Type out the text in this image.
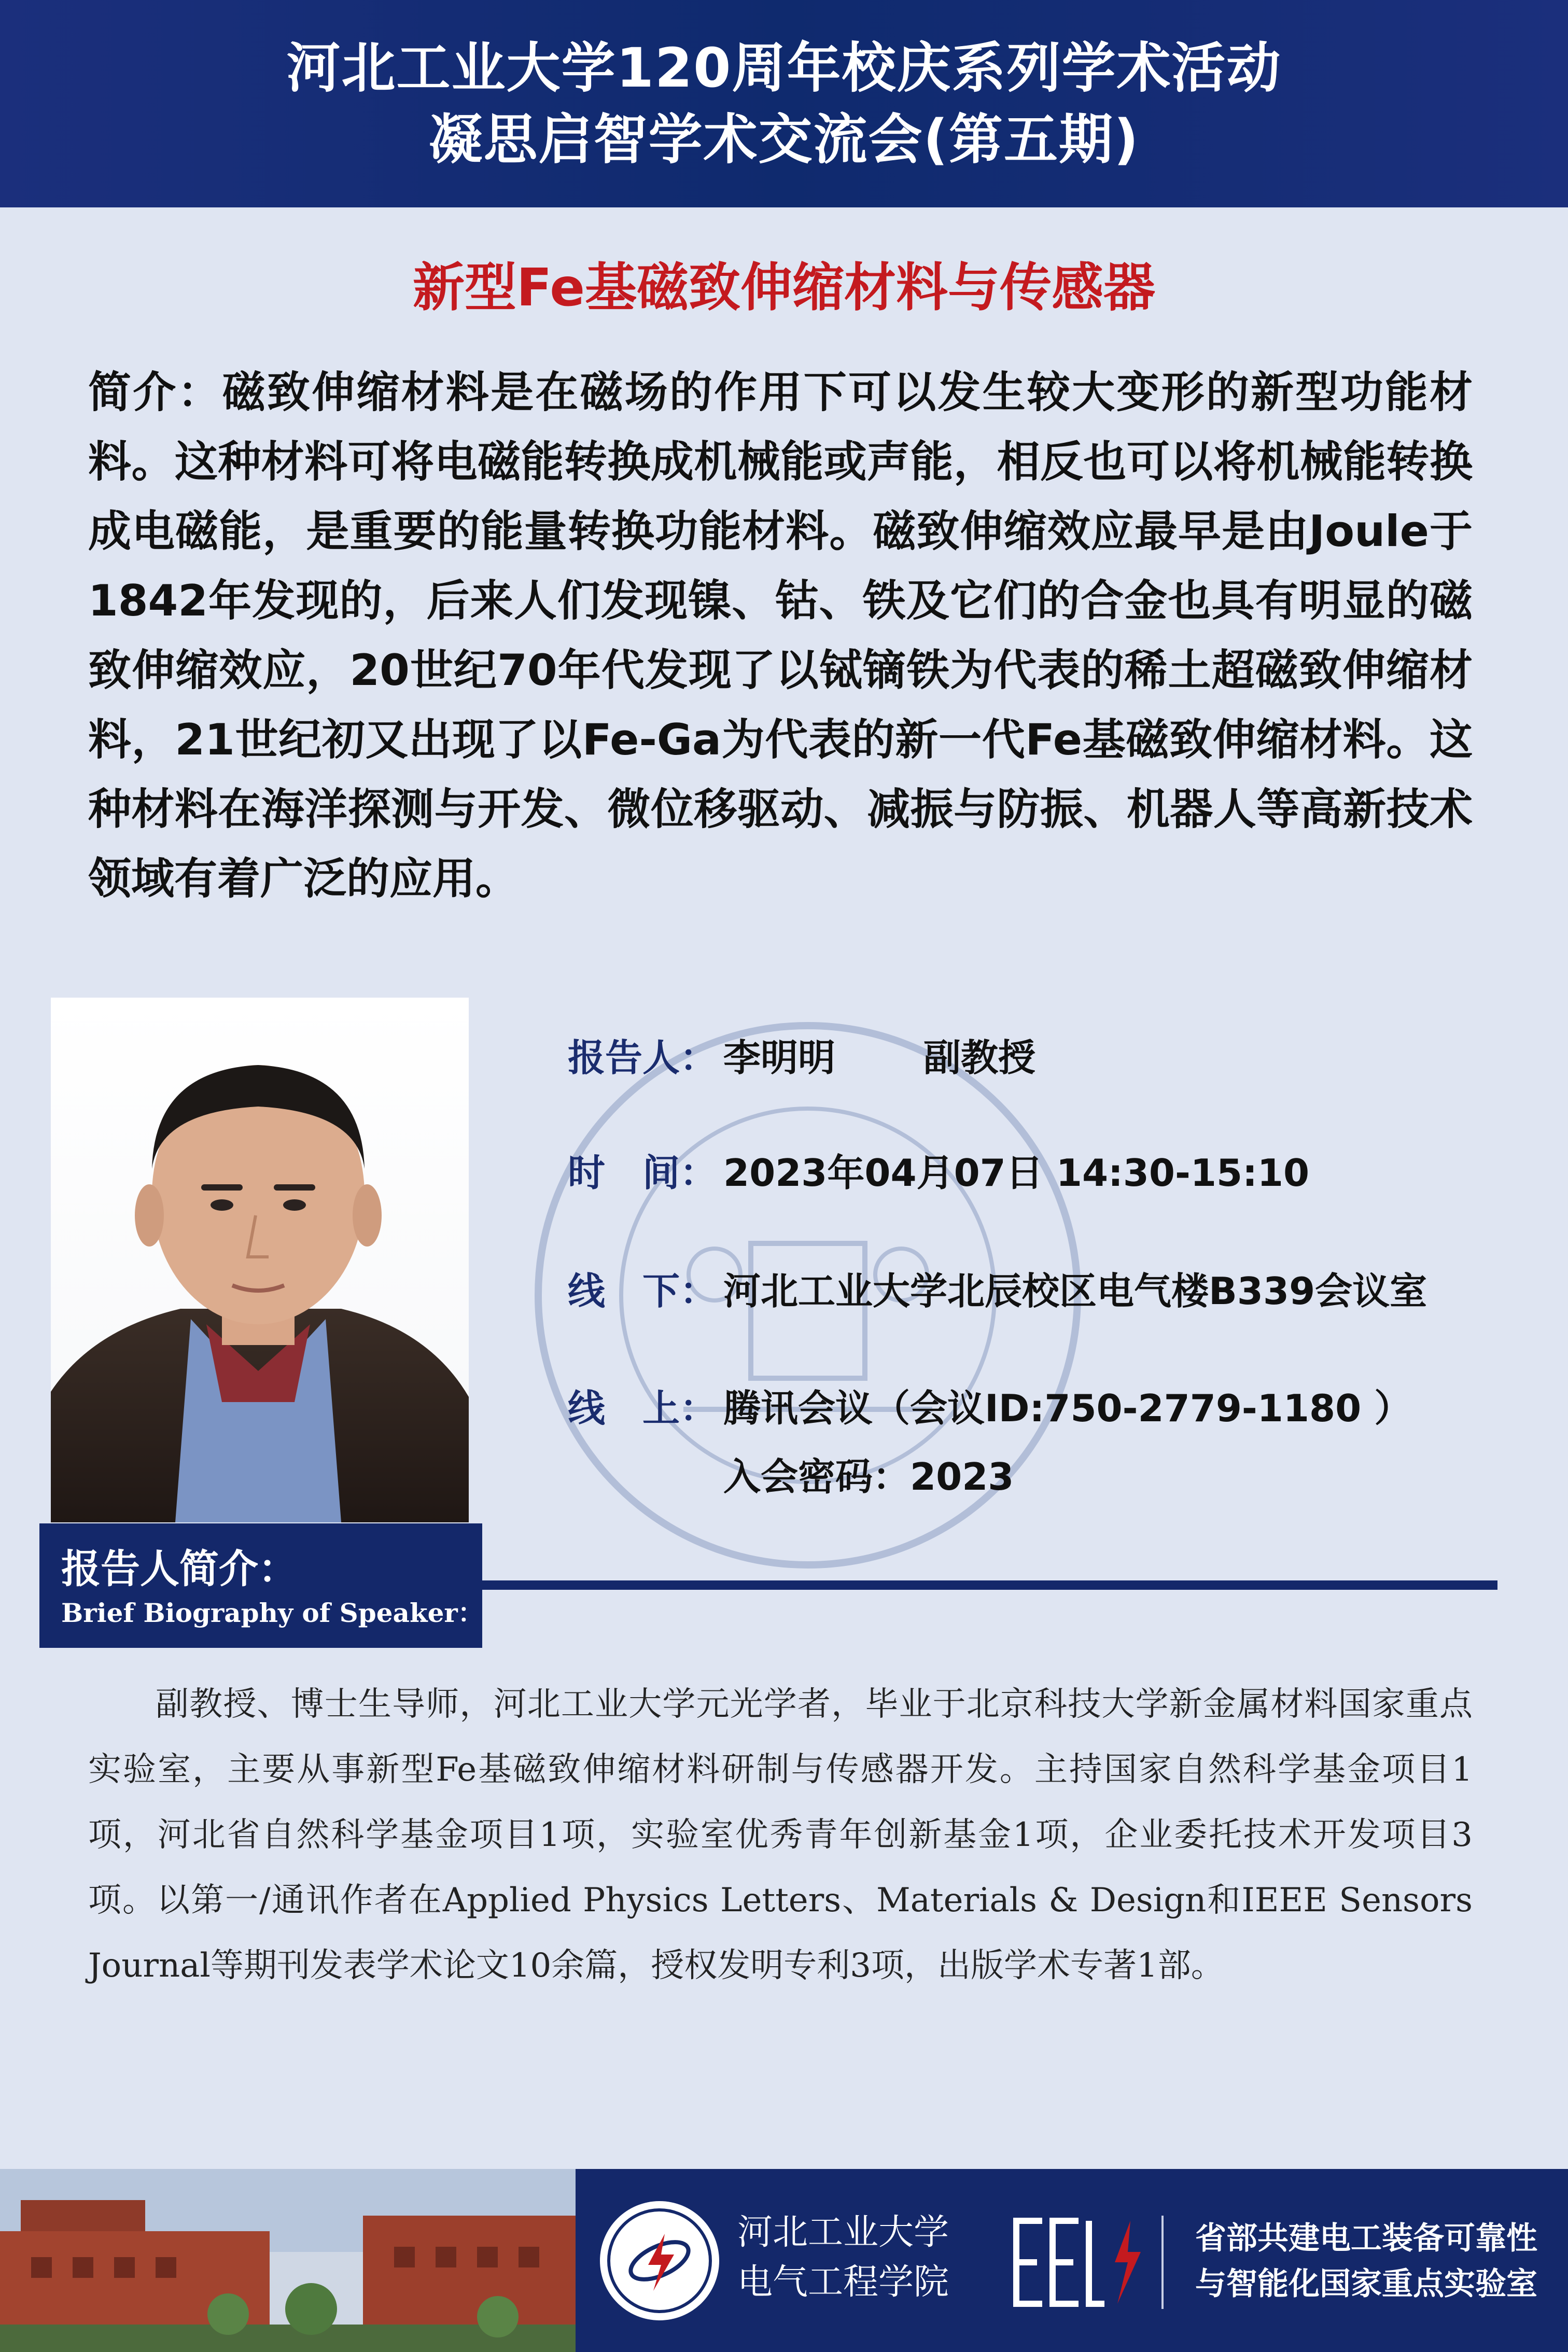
河北工业大学120周年校庆系列学术活动
凝思启智学术交流会(第五期)
新型Fe基磁致伸缩材料与传感器
简介：磁致伸缩材料是在磁场的作用下可以发生较大变形的新型功能材料。这种材料可将电磁能转换成机械能或声能，相反也可以将机械能转换成电磁能，是重要的能量转换功能材料。磁致伸缩效应最早是由Joule于1842年发现的，后来人们发现镍、钴、铁及它们的合金也具有明显的磁致伸缩效应，20世纪70年代发现了以铽镝铁为代表的稀土超磁致伸缩材料，21世纪初又出现了以Fe-Ga为代表的新一代Fe基磁致伸缩材料。这种材料在海洋探测与开发、微位移驱动、减振与防振、机器人等高新技术领域有着广泛的应用。
报告人： 李明明 副教授
时　间： 2023年04月07日 14:30-15:10
线　下： 河北工业大学北辰校区电气楼B339会议室
线　上： 腾讯会议（会议ID:750-2779-1180 ）
入会密码：2023
报告人简介：
Brief Biography of Speaker：
副教授、博士生导师，河北工业大学元光学者，毕业于北京科技大学新金属材料国家重点实验室，主要从事新型Fe基磁致伸缩材料研制与传感器开发。主持国家自然科学基金项目1项，河北省自然科学基金项目1项，实验室优秀青年创新基金1项，企业委托技术开发项目3项。以第一/通讯作者在Applied Physics Letters、Materials & Design和IEEE Sensors Journal等期刊发表学术论文10余篇，授权发明专利3项，出版学术专著1部。
河北工业大学
电气工程学院
省部共建电工装备可靠性
与智能化国家重点实验室
